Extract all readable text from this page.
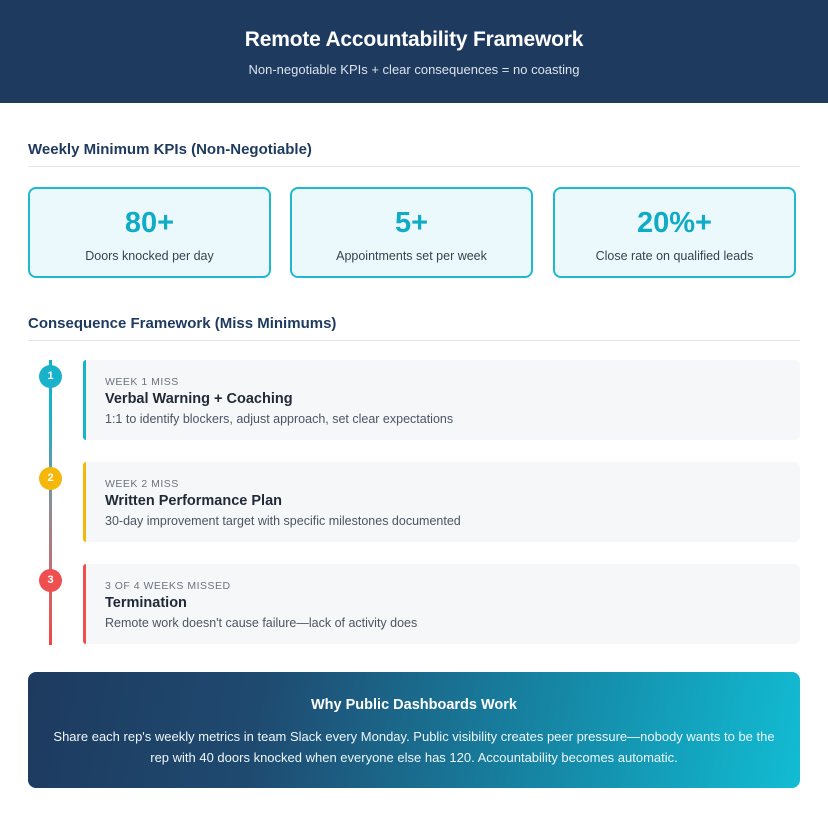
Remote Accountability Framework
Non-negotiable KPIs + clear consequences = no coasting
Weekly Minimum KPIs (Non-Negotiable)
80+
Doors knocked per day
5+
Appointments set per week
20%+
Close rate on qualified leads
Consequence Framework (Miss Minimums)
1	WEEK 1 MISS
Verbal Warning + Coaching
1:1 to identify blockers, adjust approach, set clear expectations
2	WEEK 2 MISS
Written Performance Plan
30-day improvement target with specific milestones documented
3	3 OF 4 WEEKS MISSED
Termination
Remote work doesn't cause failure—lack of activity does
Why Public Dashboards Work
Share each rep's weekly metrics in team Slack every Monday. Public visibility creates peer pressure—nobody wants to be the rep with 40 doors knocked when everyone else has 120. Accountability becomes automatic.
